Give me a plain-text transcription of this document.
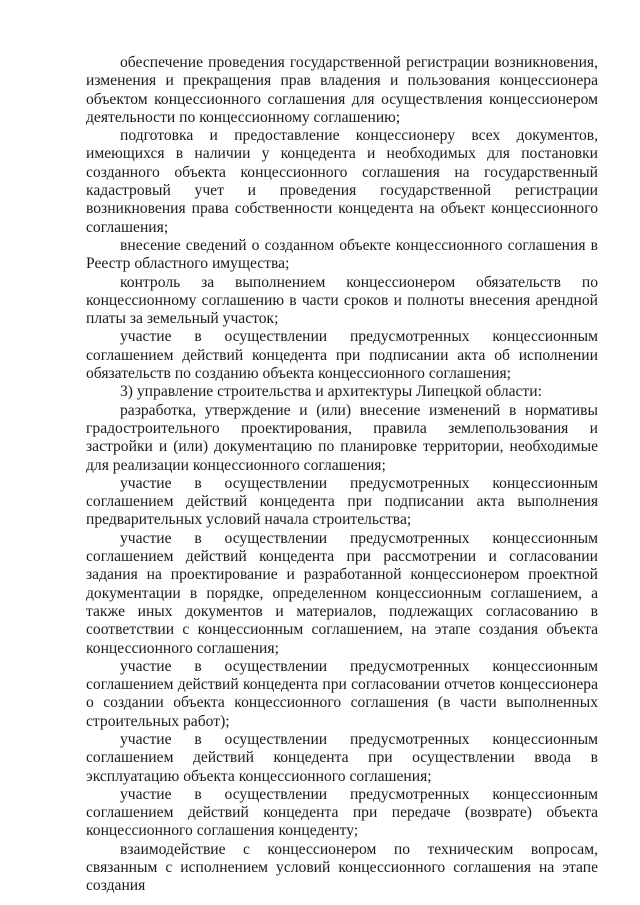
обеспечение проведения государственной регистрации возникновения, изменения и прекращения прав владения и пользования концессионера объектом концессионного соглашения для осуществления концессионером деятельности по концессионному соглашению;

подготовка и предоставление концессионеру всех документов, имеющихся в наличии у концедента и необходимых для постановки созданного объекта концессионного соглашения на государственный кадастровый учет и проведения государственной регистрации возникновения права собственности концедента на объект концессионного соглашения;

внесение сведений о созданном объекте концессионного соглашения в Реестр областного имущества;

контроль за выполнением концессионером обязательств по концессионному соглашению в части сроков и полноты внесения арендной платы за земельный участок;

участие в осуществлении предусмотренных концессионным соглашением действий концедента при подписании акта об исполнении обязательств по созданию объекта концессионного соглашения;

3) управление строительства и архитектуры Липецкой области:

разработка, утверждение и (или) внесение изменений в нормативы градостроительного проектирования, правила землепользования и застройки и (или) документацию по планировке территории, необходимые для реализации концессионного соглашения;

участие в осуществлении предусмотренных концессионным соглашением действий концедента при подписании акта выполнения предварительных условий начала строительства;

участие в осуществлении предусмотренных концессионным соглашением действий концедента при рассмотрении и согласовании задания на проектирование и разработанной концессионером проектной документации в порядке, определенном концессионным соглашением, а также иных документов и материалов, подлежащих согласованию в соответствии с концессионным соглашением, на этапе создания объекта концессионного соглашения;

участие в осуществлении предусмотренных концессионным соглашением действий концедента при согласовании отчетов концессионера о создании объекта концессионного соглашения (в части выполненных строительных работ);

участие в осуществлении предусмотренных концессионным соглашением действий концедента при осуществлении ввода в эксплуатацию объекта концессионного соглашения;

участие в осуществлении предусмотренных концессионным соглашением действий концедента при передаче (возврате) объекта концессионного соглашения концеденту;

взаимодействие с концессионером по техническим вопросам, связанным с исполнением условий концессионного соглашения на этапе создания
